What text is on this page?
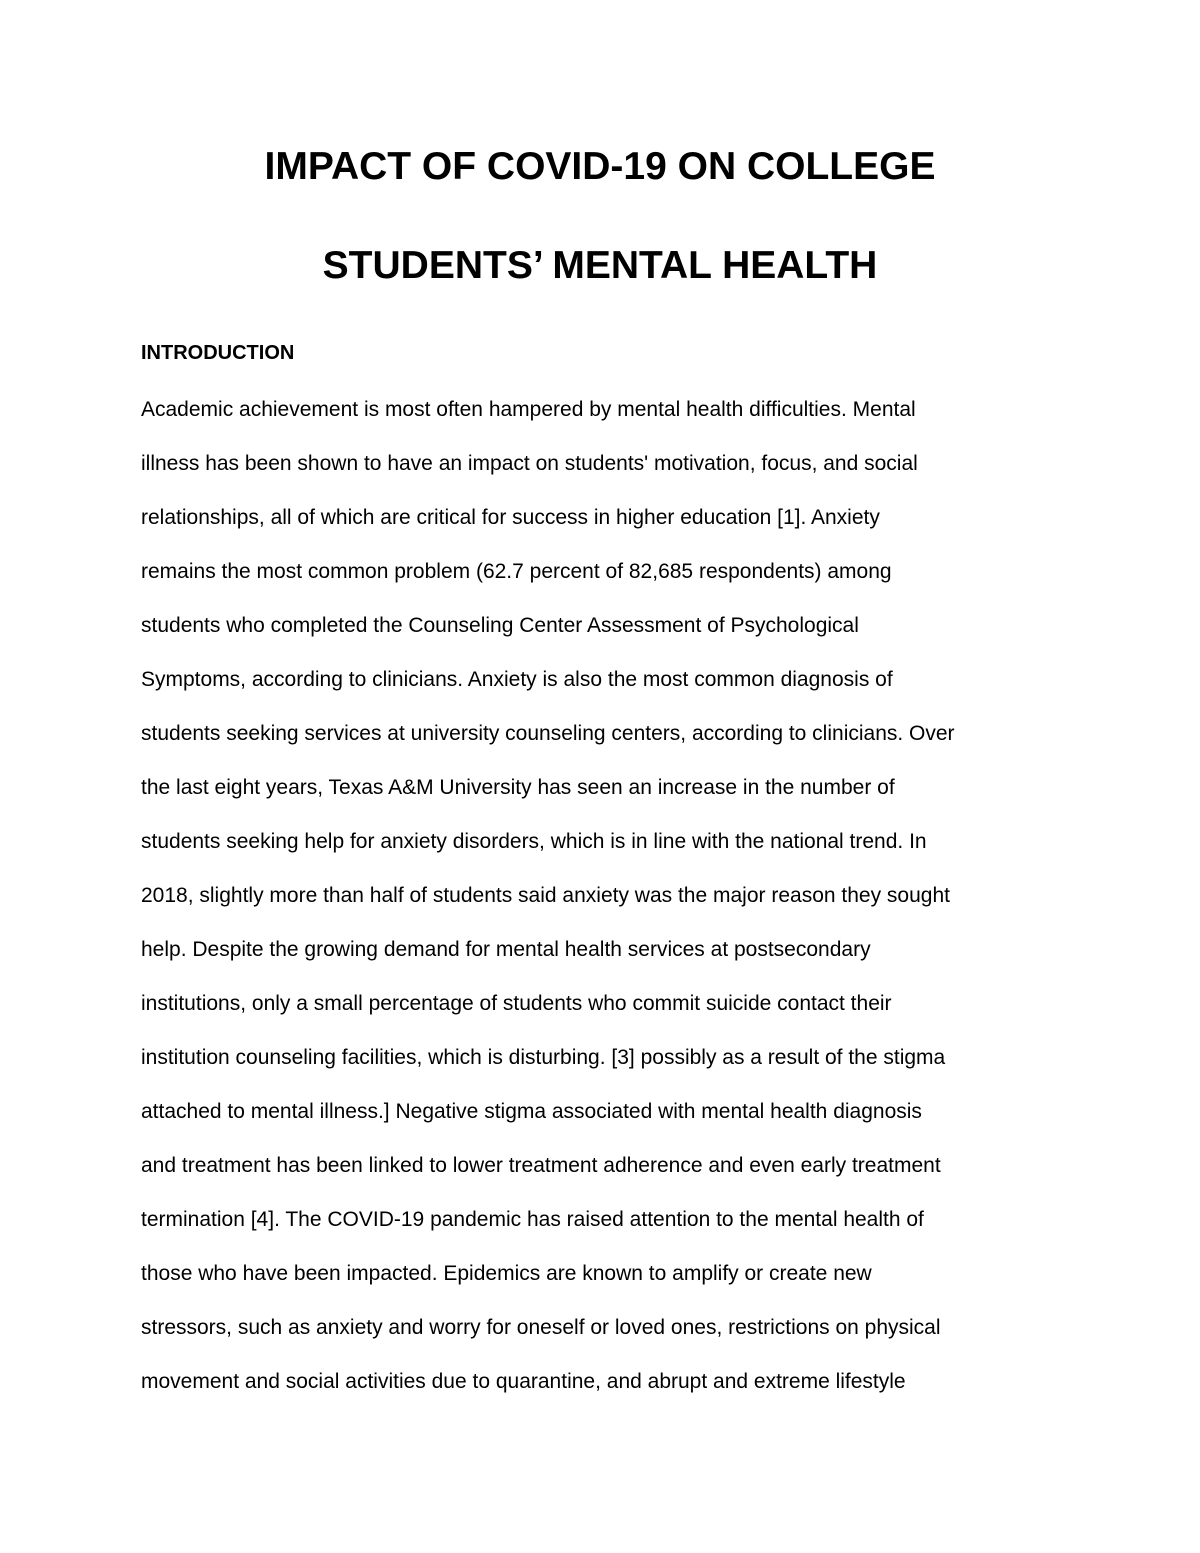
IMPACT OF COVID-19 ON COLLEGE
STUDENTS’ MENTAL HEALTH
INTRODUCTION
Academic achievement is most often hampered by mental health difficulties. Mental
illness has been shown to have an impact on students' motivation, focus, and social
relationships, all of which are critical for success in higher education [1]. Anxiety
remains the most common problem (62.7 percent of 82,685 respondents) among
students who completed the Counseling Center Assessment of Psychological
Symptoms, according to clinicians. Anxiety is also the most common diagnosis of
students seeking services at university counseling centers, according to clinicians. Over
the last eight years, Texas A&M University has seen an increase in the number of
students seeking help for anxiety disorders, which is in line with the national trend. In
2018, slightly more than half of students said anxiety was the major reason they sought
help. Despite the growing demand for mental health services at postsecondary
institutions, only a small percentage of students who commit suicide contact their
institution counseling facilities, which is disturbing. [3] possibly as a result of the stigma
attached to mental illness.] Negative stigma associated with mental health diagnosis
and treatment has been linked to lower treatment adherence and even early treatment
termination [4]. The COVID-19 pandemic has raised attention to the mental health of
those who have been impacted. Epidemics are known to amplify or create new
stressors, such as anxiety and worry for oneself or loved ones, restrictions on physical
movement and social activities due to quarantine, and abrupt and extreme lifestyle
